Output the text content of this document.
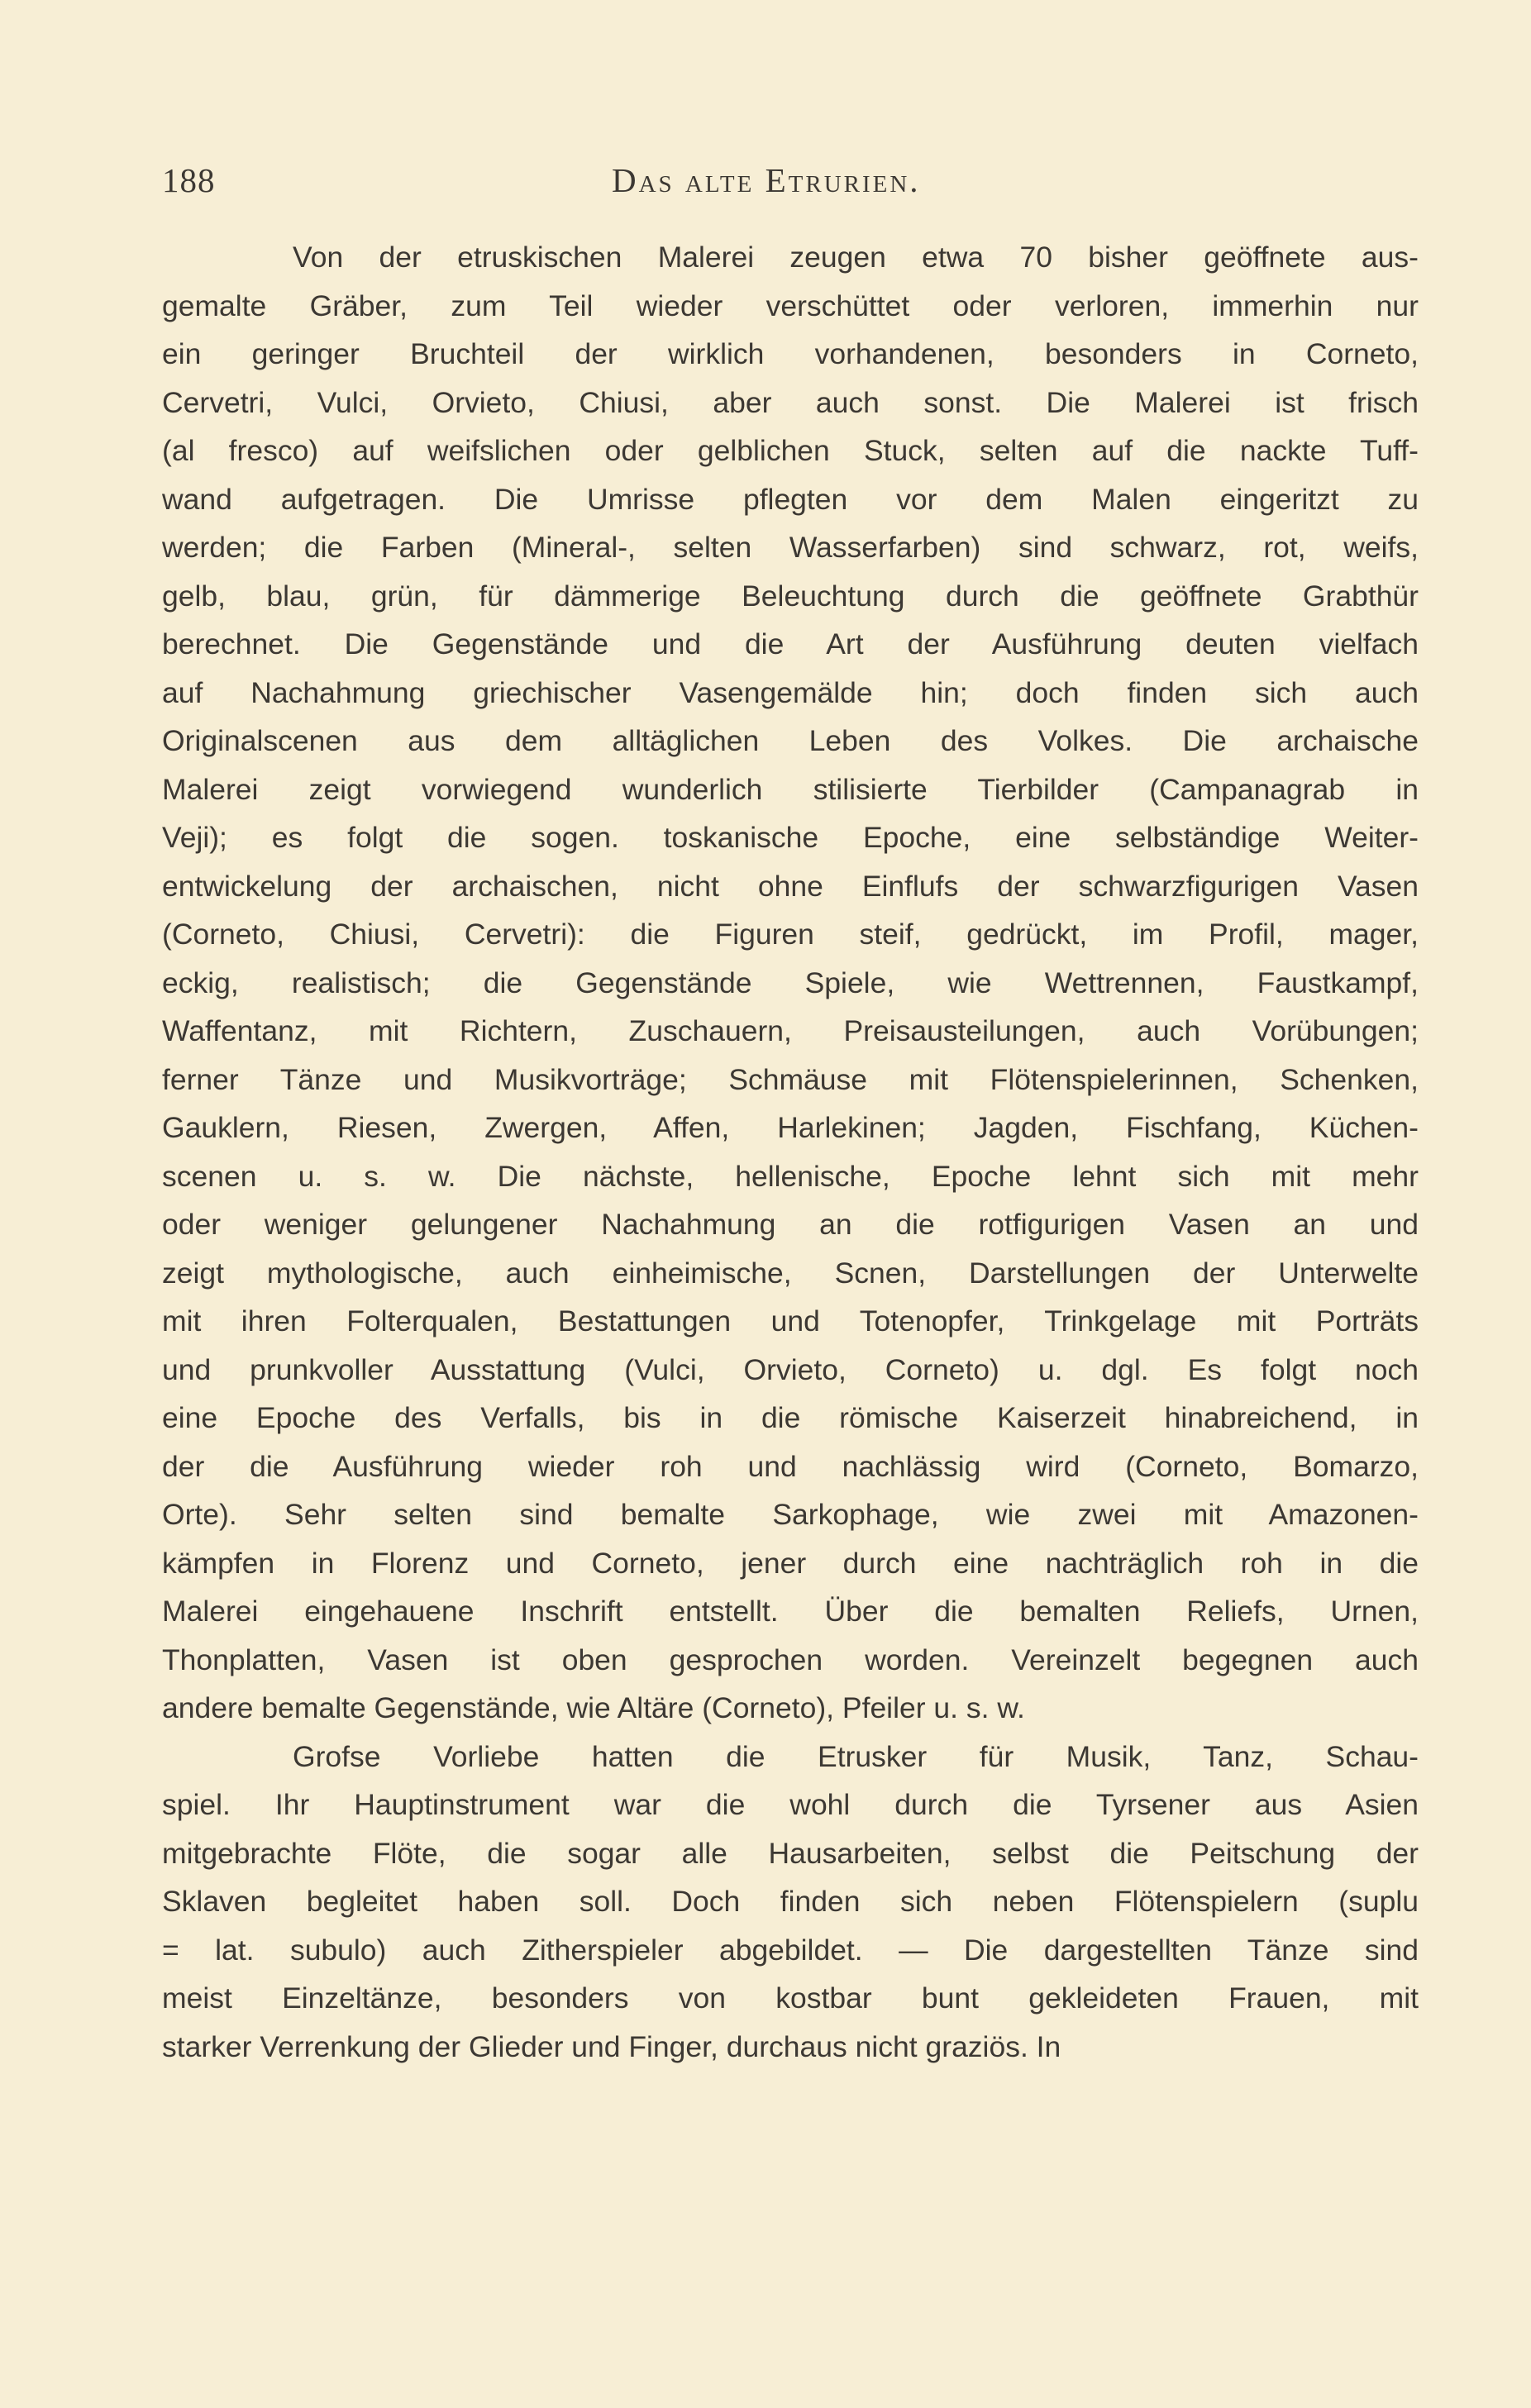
188	Das alte Etrurien.
Von der etruskischen Malerei zeugen etwa 70 bisher geöffnete aus-
gemalte Gräber, zum Teil wieder verschüttet oder verloren, immerhin nur
ein geringer Bruchteil der wirklich vorhandenen, besonders in Corneto,
Cervetri, Vulci, Orvieto, Chiusi, aber auch sonst. Die Malerei ist frisch
(al fresco) auf weifslichen oder gelblichen Stuck, selten auf die nackte Tuff-
wand aufgetragen. Die Umrisse pflegten vor dem Malen eingeritzt zu
werden; die Farben (Mineral-, selten Wasserfarben) sind schwarz, rot, weifs,
gelb, blau, grün, für dämmerige Beleuchtung durch die geöffnete Grabthür
berechnet. Die Gegenstände und die Art der Ausführung deuten vielfach
auf Nachahmung griechischer Vasengemälde hin; doch finden sich auch
Originalscenen aus dem alltäglichen Leben des Volkes. Die archaische
Malerei zeigt vorwiegend wunderlich stilisierte Tierbilder (Campanagrab in
Veji); es folgt die sogen. toskanische Epoche, eine selbständige Weiter-
entwickelung der archaischen, nicht ohne Einflufs der schwarzfigurigen Vasen
(Corneto, Chiusi, Cervetri): die Figuren steif, gedrückt, im Profil, mager,
eckig, realistisch; die Gegenstände Spiele, wie Wettrennen, Faustkampf,
Waffentanz, mit Richtern, Zuschauern, Preisausteilungen, auch Vorübungen;
ferner Tänze und Musikvorträge; Schmäuse mit Flötenspielerinnen, Schenken,
Gauklern, Riesen, Zwergen, Affen, Harlekinen; Jagden, Fischfang, Küchen-
scenen u. s. w. Die nächste, hellenische, Epoche lehnt sich mit mehr
oder weniger gelungener Nachahmung an die rotfigurigen Vasen an und
zeigt mythologische, auch einheimische, Scnen, Darstellungen der Unterwelte
mit ihren Folterqualen, Bestattungen und Totenopfer, Trinkgelage mit Porträts
und prunkvoller Ausstattung (Vulci, Orvieto, Corneto) u. dgl. Es folgt noch
eine Epoche des Verfalls, bis in die römische Kaiserzeit hinabreichend, in
der die Ausführung wieder roh und nachlässig wird (Corneto, Bomarzo,
Orte). Sehr selten sind bemalte Sarkophage, wie zwei mit Amazonen-
kämpfen in Florenz und Corneto, jener durch eine nachträglich roh in die
Malerei eingehauene Inschrift entstellt. Über die bemalten Reliefs, Urnen,
Thonplatten, Vasen ist oben gesprochen worden. Vereinzelt begegnen auch
andere bemalte Gegenstände, wie Altäre (Corneto), Pfeiler u. s. w.
Grofse Vorliebe hatten die Etrusker für Musik, Tanz, Schau-
spiel. Ihr Hauptinstrument war die wohl durch die Tyrsener aus Asien
mitgebrachte Flöte, die sogar alle Hausarbeiten, selbst die Peitschung der
Sklaven begleitet haben soll. Doch finden sich neben Flötenspielern (suplu
= lat. subulo) auch Zitherspieler abgebildet. — Die dargestellten Tänze sind
meist Einzeltänze, besonders von kostbar bunt gekleideten Frauen, mit
starker Verrenkung der Glieder und Finger, durchaus nicht graziös. In
